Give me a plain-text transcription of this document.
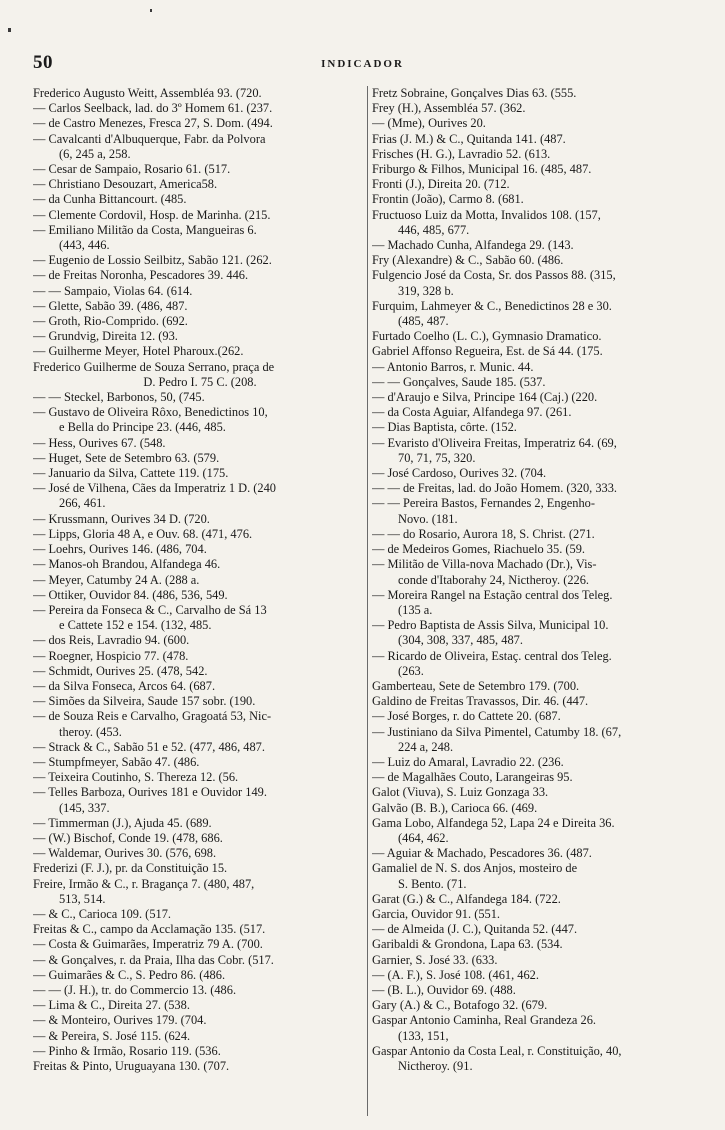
50	INDICADOR
Frederico Augusto Weitt, Assembléa 93. (720.
— Carlos Seelback, lad. do 3º Homem 61. (237.
— de Castro Menezes, Fresca 27, S. Dom. (494.
— Cavalcanti d'Albuquerque, Fabr. da Polvora
(6, 245 a, 258.
— Cesar de Sampaio, Rosario 61. (517.
— Christiano Desouzart, America58.
— da Cunha Bittancourt. (485.
— Clemente Cordovil, Hosp. de Marinha. (215.
— Emiliano Militão da Costa, Mangueiras 6.
(443, 446.
— Eugenio de Lossio Seilbitz, Sabão 121. (262.
— de Freitas Noronha, Pescadores 39. 446.
— — Sampaio, Violas 64. (614.
— Glette, Sabão 39. (486, 487.
— Groth, Rio-Comprido. (692.
— Grundvig, Direita 12. (93.
— Guilherme Meyer, Hotel Pharoux.(262.
Frederico Guilherme de Souza Serrano, praça de
D. Pedro I. 75 C. (208.
— — Steckel, Barbonos, 50, (745.
— Gustavo de Oliveira Rôxo, Benedictinos 10,
e Bella do Principe 23. (446, 485.
— Hess, Ourives 67. (548.
— Huget, Sete de Setembro 63. (579.
— Januario da Silva, Cattete 119. (175.
— José de Vilhena, Cães da Imperatriz 1 D. (240
266, 461.
— Krussmann, Ourives 34 D. (720.
— Lipps, Gloria 48 A, e Ouv. 68. (471, 476.
— Loehrs, Ourives 146. (486, 704.
— Manos-oh Brandou, Alfandega 46.
— Meyer, Catumby 24 A. (288 a.
— Ottiker, Ouvidor 84. (486, 536, 549.
— Pereira da Fonseca & C., Carvalho de Sá 13
e Cattete 152 e 154. (132, 485.
— dos Reis, Lavradio 94. (600.
— Roegner, Hospicio 77. (478.
— Schmidt, Ourives 25. (478, 542.
— da Silva Fonseca, Arcos 64. (687.
— Simões da Silveira, Saude 157 sobr. (190.
— de Souza Reis e Carvalho, Gragoatá 53, Nic-
theroy. (453.
— Strack & C., Sabão 51 e 52. (477, 486, 487.
— Stumpfmeyer, Sabão 47. (486.
— Teixeira Coutinho, S. Thereza 12. (56.
— Telles Barboza, Ourives 181 e Ouvidor 149.
(145, 337.
— Timmerman (J.), Ajuda 45. (689.
— (W.) Bischof, Conde 19. (478, 686.
— Waldemar, Ourives 30. (576, 698.
Frederizi (F. J.), pr. da Constituição 15.
Freire, Irmão & C., r. Bragança 7. (480, 487,
513, 514.
— & C., Carioca 109. (517.
Freitas & C., campo da Acclamação 135. (517.
— Costa & Guimarães, Imperatriz 79 A. (700.
— & Gonçalves, r. da Praia, Ilha das Cobr. (517.
— Guimarães & C., S. Pedro 86. (486.
— — (J. H.), tr. do Commercio 13. (486.
— Lima & C., Direita 27. (538.
— & Monteiro, Ourives 179. (704.
— & Pereira, S. José 115. (624.
— Pinho & Irmão, Rosario 119. (536.
Freitas & Pinto, Uruguayana 130. (707.
Fretz Sobraine, Gonçalves Dias 63. (555.
Frey (H.), Assembléa 57. (362.
— (Mme), Ourives 20.
Frias (J. M.) & C., Quitanda 141. (487.
Frisches (H. G.), Lavradio 52. (613.
Friburgo & Filhos, Municipal 16. (485, 487.
Fronti (J.), Direita 20. (712.
Frontin (João), Carmo 8. (681.
Fructuoso Luiz da Motta, Invalidos 108. (157,
446, 485, 677.
— Machado Cunha, Alfandega 29. (143.
Fry (Alexandre) & C., Sabão 60. (486.
Fulgencio José da Costa, Sr. dos Passos 88. (315,
319, 328 b.
Furquim, Lahmeyer & C., Benedictinos 28 e 30.
(485, 487.
Furtado Coelho (L. C.), Gymnasio Dramatico.
Gabriel Affonso Regueira, Est. de Sá 44. (175.
— Antonio Barros, r. Munic. 44.
— — Gonçalves, Saude 185. (537.
— d'Araujo e Silva, Principe 164 (Caj.) (220.
— da Costa Aguiar, Alfandega 97. (261.
— Dias Baptista, côrte. (152.
— Evaristo d'Oliveira Freitas, Imperatriz 64. (69,
70, 71, 75, 320.
— José Cardoso, Ourives 32. (704.
— — de Freitas, lad. do João Homem. (320, 333.
— — Pereira Bastos, Fernandes 2, Engenho-
Novo. (181.
— — do Rosario, Aurora 18, S. Christ. (271.
— de Medeiros Gomes, Riachuelo 35. (59.
— Militão de Villa-nova Machado (Dr.), Vis-
conde d'Itaborahy 24, Nictheroy. (226.
— Moreira Rangel na Estação central dos Teleg.
(135 a.
— Pedro Baptista de Assis Silva, Municipal 10.
(304, 308, 337, 485, 487.
— Ricardo de Oliveira, Estaç. central dos Teleg.
(263.
Gamberteau, Sete de Setembro 179. (700.
Galdino de Freitas Travassos, Dir. 46. (447.
— José Borges, r. do Cattete 20. (687.
— Justiniano da Silva Pimentel, Catumby 18. (67,
224 a, 248.
— Luiz do Amaral, Lavradio 22. (236.
— de Magalhães Couto, Larangeiras 95.
Galot (Viuva), S. Luiz Gonzaga 33.
Galvão (B. B.), Carioca 66. (469.
Gama Lobo, Alfandega 52, Lapa 24 e Direita 36.
(464, 462.
— Aguiar & Machado, Pescadores 36. (487.
Gamaliel de N. S. dos Anjos, mosteiro de
S. Bento. (71.
Garat (G.) & C., Alfandega 184. (722.
Garcia, Ouvidor 91. (551.
— de Almeida (J. C.), Quitanda 52. (447.
Garibaldi & Grondona, Lapa 63. (534.
Garnier, S. José 33. (633.
— (A. F.), S. José 108. (461, 462.
— (B. L.), Ouvidor 69. (488.
Gary (A.) & C., Botafogo 32. (679.
Gaspar Antonio Caminha, Real Grandeza 26.
(133, 151,
Gaspar Antonio da Costa Leal, r. Constituição, 40,
Nictheroy. (91.
